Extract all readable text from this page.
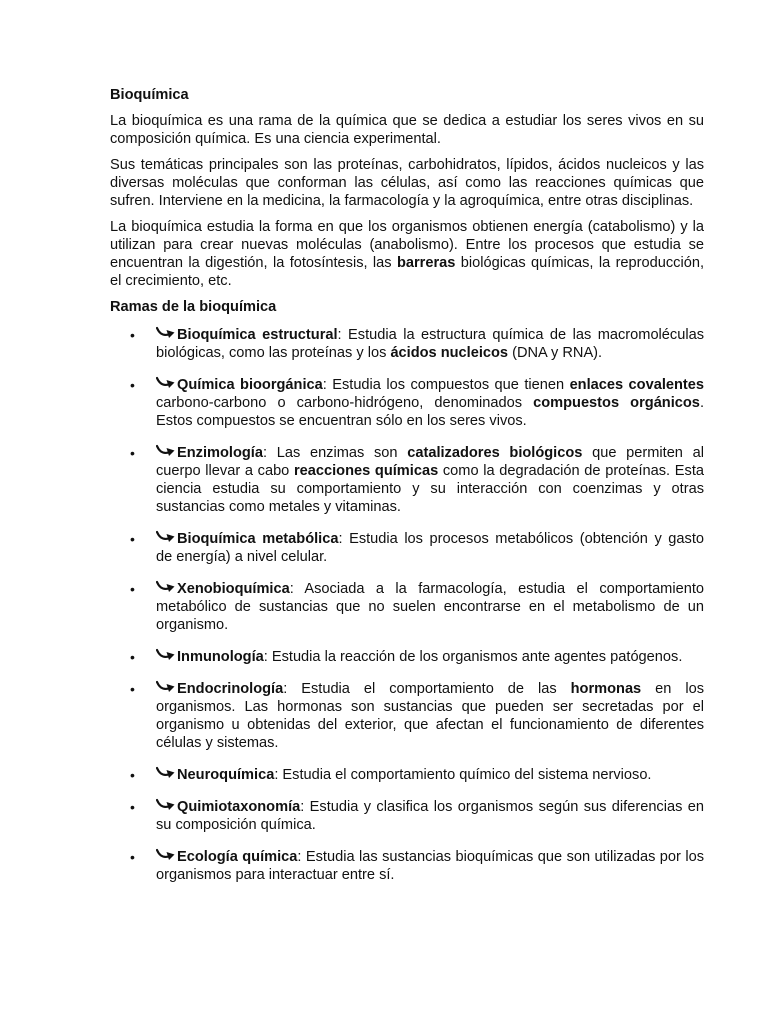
Bioquímica

La bioquímica es una rama de la química que se dedica a estudiar los seres vivos en su composición química. Es una ciencia experimental.

Sus temáticas principales son las proteínas, carbohidratos, lípidos, ácidos nucleicos y las diversas moléculas que conforman las células, así como las reacciones químicas que sufren. Interviene en la medicina, la farmacología y la agroquímica, entre otras disciplinas.

La bioquímica estudia la forma en que los organismos obtienen energía (catabolismo) y la utilizan para crear nuevas moléculas (anabolismo). Entre los procesos que estudia se encuentran la digestión, la fotosíntesis, las barreras biológicas químicas, la reproducción, el crecimiento, etc.

Ramas de la bioquímica
•	Bioquímica estructural: Estudia la estructura química de las macromoléculas biológicas, como las proteínas y los ácidos nucleicos (DNA y RNA).
•	Química bioorgánica: Estudia los compuestos que tienen enlaces covalentes carbono-carbono o carbono-hidrógeno, denominados compuestos orgánicos. Estos compuestos se encuentran sólo en los seres vivos.
•	Enzimología: Las enzimas son catalizadores biológicos que permiten al cuerpo llevar a cabo reacciones químicas como la degradación de proteínas. Esta ciencia estudia su comportamiento y su interacción con coenzimas y otras sustancias como metales y vitaminas.
•	Bioquímica metabólica: Estudia los procesos metabólicos (obtención y gasto de energía) a nivel celular.
•	Xenobioquímica: Asociada a la farmacología, estudia el comportamiento metabólico de sustancias que no suelen encontrarse en el metabolismo de un organismo.
•	Inmunología: Estudia la reacción de los organismos ante agentes patógenos.
•	Endocrinología: Estudia el comportamiento de las hormonas en los organismos. Las hormonas son sustancias que pueden ser secretadas por el organismo u obtenidas del exterior, que afectan el funcionamiento de diferentes células y sistemas.
•	Neuroquímica: Estudia el comportamiento químico del sistema nervioso.
•	Quimiotaxonomía: Estudia y clasifica los organismos según sus diferencias en su composición química.
•	Ecología química: Estudia las sustancias bioquímicas que son utilizadas por los organismos para interactuar entre sí.
